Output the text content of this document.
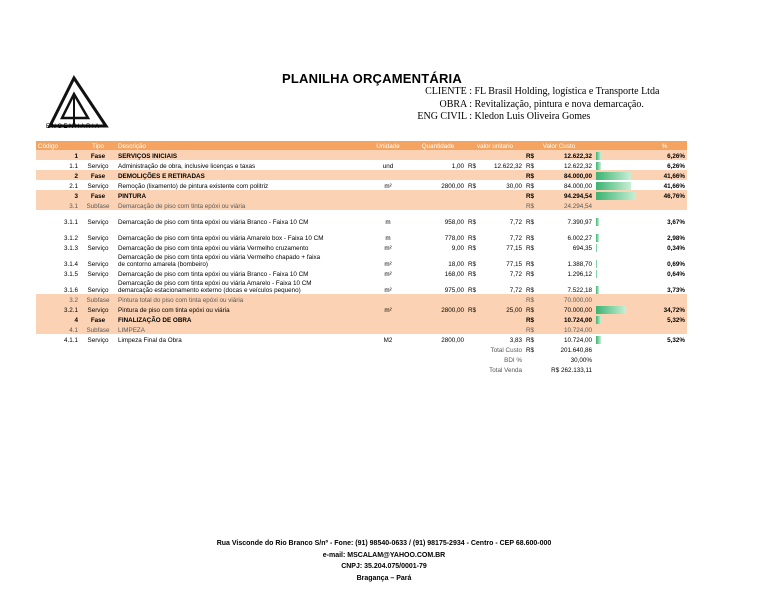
ENGENHARIA
PLANILHA ORÇAMENTÁRIA
CLIENTE : FL Brasil Holding, logística e Transporte Ltda
OBRA : Revitalização, pintura e nova demarcação.
ENG CIVIL : Kledon Luis Oliveira Gomes
Código	Tipo	Descrição	Unidade	Quantidade	valor unitario		Valor Custo			%
1	Fase	SERVIÇOS INICIAIS					R$	12.622,32		6,26%
1.1	Serviço	Administração de obra, inclusive licenças e taxas	und	1,00	R$	12.622,32	R$	12.622,32		6,26%
2	Fase	DEMOLIÇÕES E RETIRADAS					R$	84.000,00		41,66%
2.1	Serviço	Remoção (lixamento) de pintura existente com politriz	m²	2800,00	R$	30,00	R$	84.000,00		41,66%
3	Fase	PINTURA					R$	94.294,54		46,76%
3.1	Subfase	Demarcação de piso com tinta epóxi ou viária					R$	24.294,54		
3.1.1	Serviço	Demarcação de piso com tinta epóxi ou viária Branco - Faixa 10 CM	m	958,00	R$	7,72	R$	7.390,97		3,67%
3.1.2	Serviço	Demarcação de piso com tinta epóxi ou viária Amarelo box - Faixa 10 CM	m	778,00	R$	7,72	R$	6.002,27		2,98%
3.1.3	Serviço	Demarcação de piso com tinta epóxi ou viária Vermelho cruzamento	m²	9,00	R$	77,15	R$	694,35		0,34%
3.1.4	Serviço	Demarcação de piso com tinta epóxi ou viária Vermelho chapado + faixa
de contorno amarela (bombeiro)	m²	18,00	R$	77,15	R$	1.388,70		0,69%
3.1.5	Serviço	Demarcação de piso com tinta epóxi ou viária Branco - Faixa 10 CM	m²	168,00	R$	7,72	R$	1.296,12		0,64%
3.1.6	Serviço	Demarcação de piso com tinta epóxi ou viária Amarelo - Faixa 10 CM
demarcação estacionamento externo (docas e veículos pequeno)	m²	975,00	R$	7,72	R$	7.522,18		3,73%
3.2	Subfase	Pintura total do piso com tinta epóxi ou viária					R$	70.000,00		
3.2.1	Serviço	Pintura de piso com tinta epóxi ou viária	m²	2800,00	R$	25,00	R$	70.000,00		34,72%
4	Fase	FINALIZAÇÃO DE OBRA					R$	10.724,00		5,32%
4.1	Subfase	LIMPEZA					R$	10.724,00		
4.1.1	Serviço	Limpeza Final da Obra	M2	2800,00		3,83	R$	10.724,00		5,32%
Total Custo							R$	201.640,86		
BDI %							30,00%			
Total Venda							R$ 262.133,11			
Rua Visconde do Rio Branco S/nº - Fone: (91) 98540-0633 / (91) 98175-2934 - Centro - CEP 68.600-000
e-mail: MSCALAM@YAHOO.COM.BR
CNPJ: 35.204.075/0001-79
Bragança – Pará
